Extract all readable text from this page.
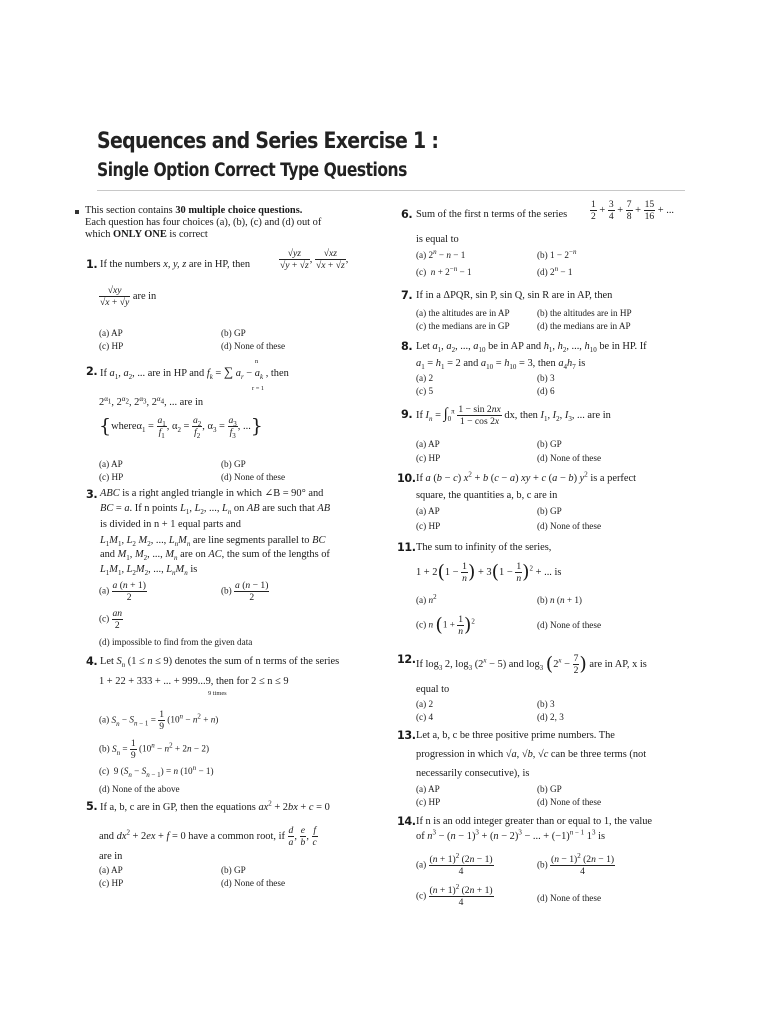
Sequences and Series Exercise 1 :
Single Option Correct Type Questions
This section contains 30 multiple choice questions.
Each question has four choices (a), (b), (c) and (d) out of
which ONLY ONE is correct
1. If the numbers x, y, z are in HP, then	$\frac{√yz}{√y + √z}$ , $\frac{√xz}{√x + √z}$ ,
$\frac{√xy}{√x + √y}$ are in
(a) AP	(b) GP
(c) HP	(d) None of these
2. If $a_1$, $a_2$, ... are in HP and $f_k$ = ∑ $a_r - a_k$ , then
n
r = 1
$2^{\alpha_1}$, $2^{\alpha_2}$, $2^{\alpha_3}$, $2^{\alpha_4}$, ... are in
{whereα$_1$ = $\frac{a_1}{f_1}$ , $\alpha_2 = \frac{a_2}{f_2}$ , $\alpha_3 = \frac{a_3}{f_3}$ , ...}
(a) AP	(b) GP
(c) HP	(d) None of these
3. ABC is a right angled triangle in which ∠B = 90° and
BC = a. If n points $L_1$, $L_2$, ..., $L_n$ on AB are such that AB
is divided in n + 1 equal parts and
$L_1M_1$, $L_2$ $M_2$, ..., $L_nM_n$ are line segments parallel to BC
and $M_1$, $M_2$, ..., $M_n$ are on AC, the sum of the lengths of
$L_1M_1$, $L_2M_2$, ..., $L_nM_n$ is
$(a) \frac{a (n + 1)}{2}$	$(b) \frac{a (n - 1)}{2}$
$(c) \frac{an}{2}$
(d) impossible to find from the given data
4. Let $S_n$ (1 ≤ n ≤ 9) denotes the sum of n terms of the series
1 + 22 + 333 + ... + 999...9, then for 2 ≤ n ≤ 9
9 times
(a) $S_n - S_{n - 1} = \frac{1}{9} (10^n - n^2 + n)$
(b) $S_n = \frac{1}{9} (10^n - n^2 + 2n - 2)$
(c)  9 $(S_n - S_{n - 1}) = n$ $(10^n - 1)$
(d) None of the above
5. If a, b, c are in GP, then the equations $ax^2 + 2bx + c = 0$
and $dx^2 + 2ex + f = 0$ have a common root, if $\frac{d}{a}$ , $\frac{e}{b}$ , $\frac{f}{c}$
are in
(a) AP	(b) GP
(c) HP	(d) None of these
6. Sum of the first n terms of the series $\frac{1}{2} + \frac{3}{4} + \frac{7}{8} + \frac{15}{16}$ + ...
is equal to
(a) $2^n - n - 1$	(b) $1 - 2^{-n}$
(c)  $n + 2^{-n} - 1$	(d) $2^n - 1$
7. If in a ΔPQR, sin P, sin Q, sin R are in AP, then
(a) the altitudes are in AP	(b) the altitudes are in HP
(c) the medians are in GP	(d) the medians are in AP
8. Let $a_1$, $a_2$, ..., $a_{10}$ be in AP and $h_1$, $h_2$, ..., $h_{10}$ be in HP. If
$a_1 = h_1 = 2$ and $a_{10} = h_{10} = 3$, then $a_4h_7$ is
(a) 2	(b) 3
(c) 5	(d) 6
9. If $I_n = \int_0^\pi \frac{1 - \sin 2nx}{1 - \cos 2x}$ dx, then $I_1$, $I_2$, $I_3$, ... are in
(a) AP	(b) GP
(c) HP	(d) None of these
10. If a (b − c) $x^2 + b$ (c − a) xy + c (a − b) $y^2$ is a perfect
square, the quantities a, b, c are in
(a) AP	(b) GP
(c) HP	(d) None of these
11. The sum to infinity of the series,
$1 + 2(1 - \frac{1}{n}$ ) + $3(1 - \frac{1}{n} )^2$ + ... is
(a) $n^2$	(b) n (n + 1)
(c) n $(1 + \frac{1}{n} )^2$	(d) None of these
12. If $\log_3 2$, $\log_3 (2^x - 5)$ and $\log_3 (2^x - \frac{7}{2}$ ) are in AP, x is
equal to
(a) 2	(b) 3
(c) 4	(d) 2, 3
13. Let a, b, c be three positive prime numbers. The
progression in which √a, √b, √c can be three terms (not
necessarily consecutive), is
(a) AP	(b) GP
(c) HP	(d) None of these
14. If n is an odd integer greater than or equal to 1, the value
of $n^3 - (n - 1)^3 + (n - 2)^3$ − ... + $(-1)^{n - 1}$ $1^3$ is
$(a) \frac{(n + 1)^2 (2n - 1)}{4}$	$(b) \frac{(n - 1)^2 (2n - 1)}{4}$
$(c) \frac{(n + 1)^2 (2n + 1)}{4}$	(d) None of these
